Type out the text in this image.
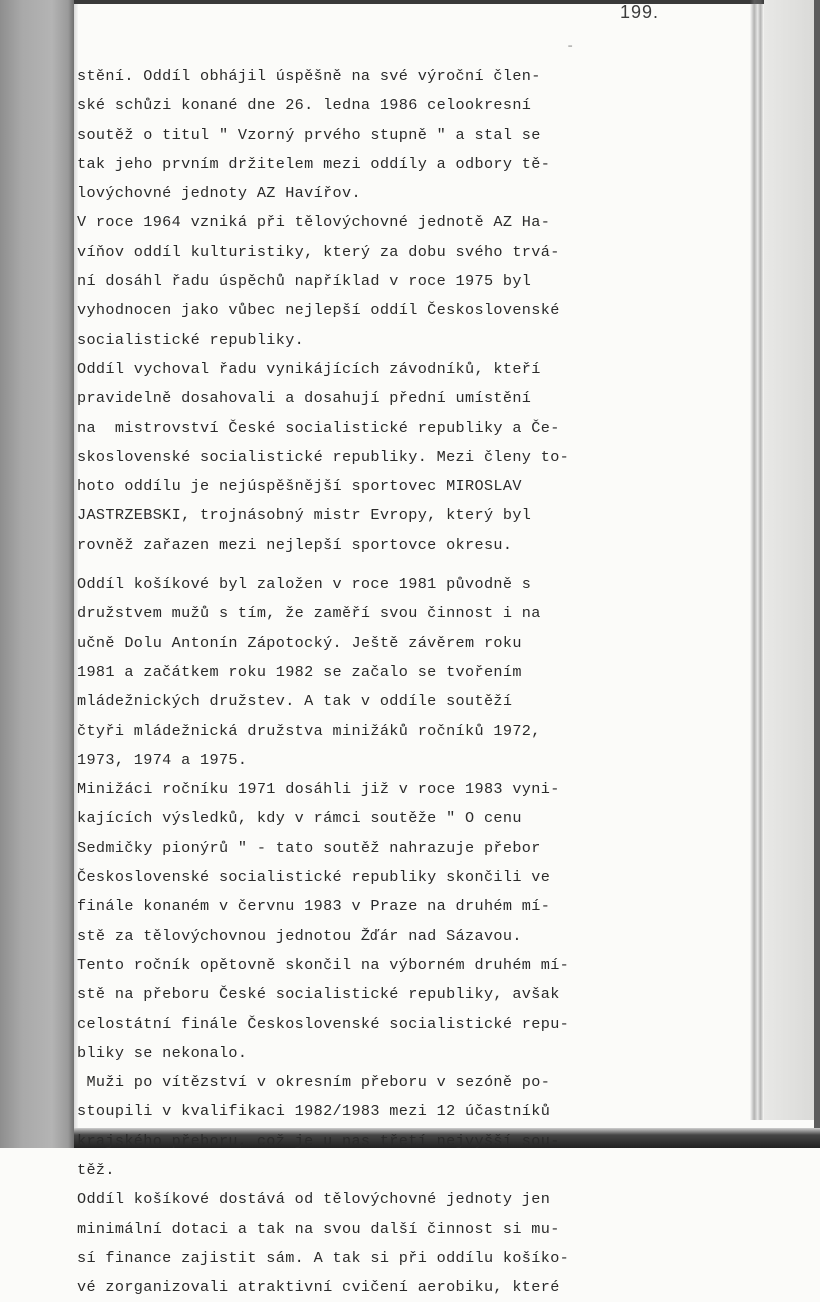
199.
stění. Oddíl obhájil úspěšně na své výroční člen-
ské schůzi konané dne 26. ledna 1986 celookresní
soutěž o titul " Vzorný prvého stupně " a stal se
tak jeho prvním držitelem mezi oddíly a odbory tě-
lovýchovné jednoty AZ Havířov.
V roce 1964 vzniká při tělovýchovné jednotě AZ Ha-
víňov oddíl kulturistiky, který za dobu svého trvá-
ní dosáhl řadu úspěchů například v roce 1975 byl
vyhodnocen jako vůbec nejlepší oddíl Československé
socialistické republiky.
Oddíl vychoval řadu vynikájících závodníků, kteří
pravidelně dosahovali a dosahují přední umístění
na  mistrovství České socialistické republiky a Če-
skoslovenské socialistické republiky. Mezi členy to-
hoto oddílu je nejúspěšnější sportovec MIROSLAV
JASTRZEBSKI, trojnásobný mistr Evropy, který byl
rovněž zařazen mezi nejlepší sportovce okresu.
Oddíl košíkové byl založen v roce 1981 původně s
družstvem mužů s tím, že zaměří svou činnost i na
učně Dolu Antonín Zápotocký. Ještě závěrem roku
1981 a začátkem roku 1982 se začalo se tvořením
mládežnických družstev. A tak v oddíle soutěží
čtyři mládežnická družstva minižáků ročníků 1972,
1973, 1974 a 1975.
Minižáci ročníku 1971 dosáhli již v roce 1983 vyni-
kajících výsledků, kdy v rámci soutěže " O cenu
Sedmičky pionýrů " - tato soutěž nahrazuje přebor
Československé socialistické republiky skončili ve
finále konaném v červnu 1983 v Praze na druhém mí-
stě za tělovýchovnou jednotou Žďár nad Sázavou.
Tento ročník opětovně skončil na výborném druhém mí-
stě na přeboru České socialistické republiky, avšak
celostátní finále Československé socialistické repu-
bliky se nekonalo.
Muži po vítězství v okresním přeboru v sezóně po-
stoupili v kvalifikaci 1982/1983 mezi 12 účastníků
krajského přeboru, což je u nas třetí nejvyšší sou-
těž.
Oddíl košíkové dostává od tělovýchovné jednoty jen
minimální dotaci a tak na svou další činnost si mu-
sí finance zajistit sám. A tak si při oddílu košíko-
vé zorganizovali atraktivní cvičení aerobiku, které
ˉ
